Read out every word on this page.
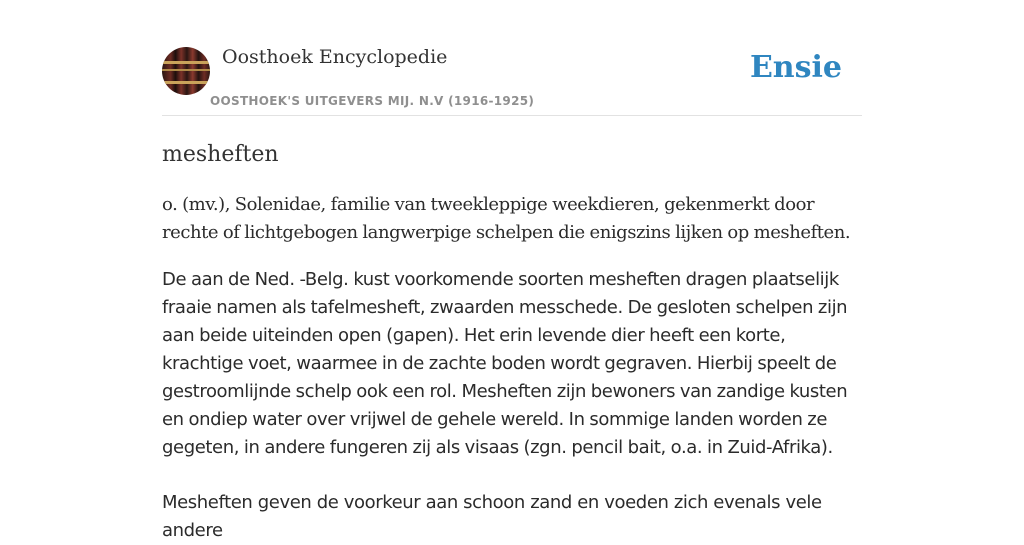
Oosthoek Encyclopedie
OOSTHOEK'S UITGEVERS MIJ. N.V (1916-1925)
Ensie
mesheften

o. (mv.), Solenidae, familie van tweekleppige weekdieren, gekenmerkt door rechte of lichtgebogen langwerpige schelpen die enigszins lijken op mesheften.

De aan de Ned. -Belg. kust voorkomende soorten mesheften dragen plaatselijk fraaie namen als tafelmesheft, zwaarden messchede. De gesloten schelpen zijn aan beide uiteinden open (gapen). Het erin levende dier heeft een korte, krachtige voet, waarmee in de zachte boden wordt gegraven. Hierbij speelt de gestroomlijnde schelp ook een rol. Mesheften zijn bewoners van zandige kusten en ondiep water over vrijwel de gehele wereld. In sommige landen worden ze gegeten, in andere fungeren zij als visaas (zgn. pencil bait, o.a. in Zuid-Afrika).

Mesheften geven de voorkeur aan schoon zand en voeden zich evenals vele andere
